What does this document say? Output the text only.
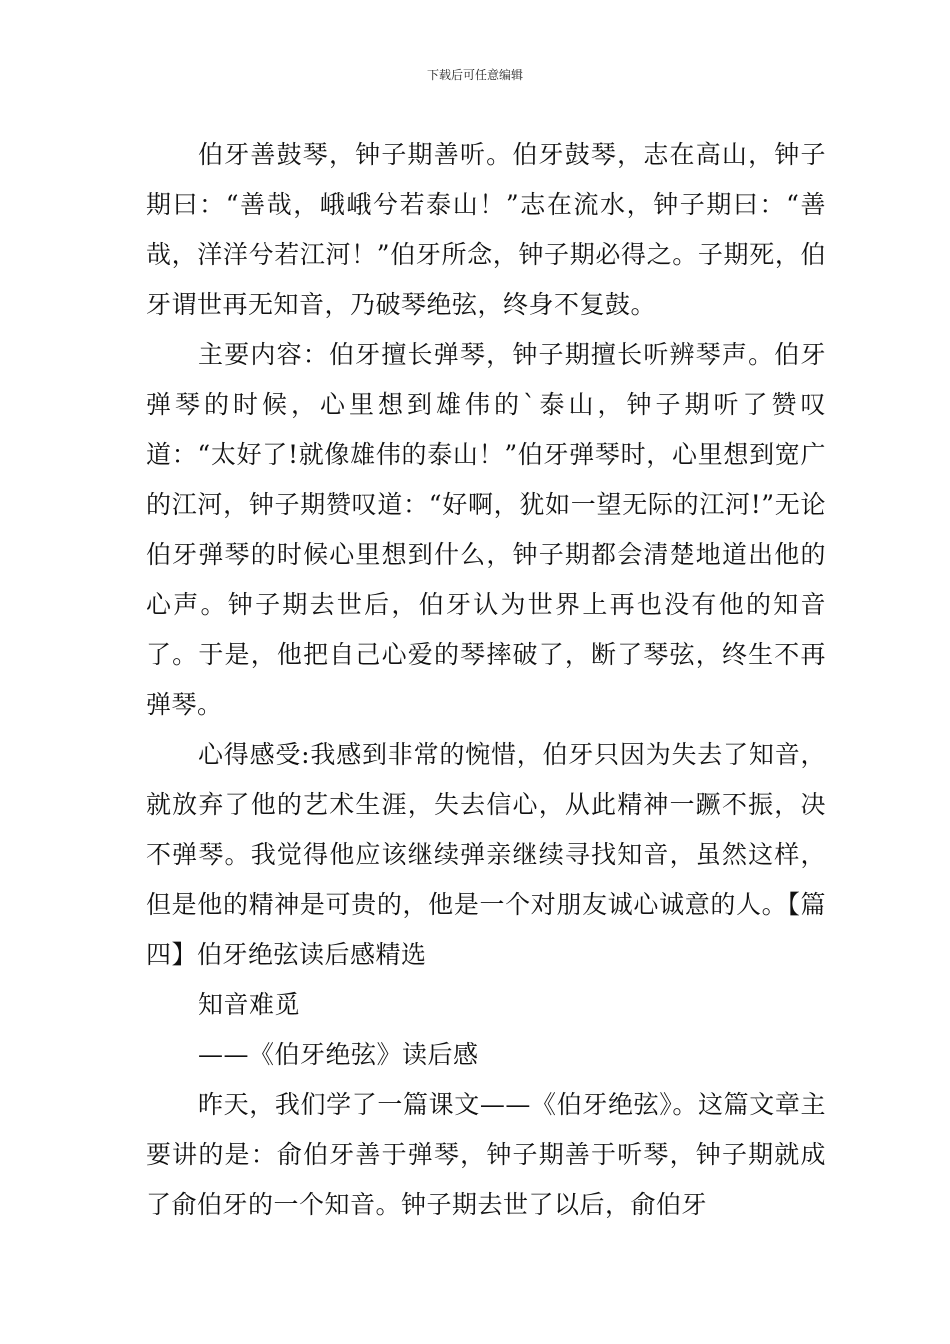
下载后可任意编辑

伯牙善鼓琴，钟子期善听。伯牙鼓琴，志在高山，钟子期曰：“善哉，峨峨兮若泰山！”志在流水，钟子期曰：“善哉，洋洋兮若江河！”伯牙所念，钟子期必得之。子期死，伯牙谓世再无知音，乃破琴绝弦，终身不复鼓。

主要内容：伯牙擅长弹琴，钟子期擅长听辨琴声。伯牙弹琴的时候，心里想到雄伟的`泰山，钟子期听了赞叹道：“太好了!就像雄伟的泰山！”伯牙弹琴时，心里想到宽广的江河，钟子期赞叹道：“好啊，犹如一望无际的江河!”无论伯牙弹琴的时候心里想到什么，钟子期都会清楚地道出他的心声。钟子期去世后，伯牙认为世界上再也没有他的知音了。于是，他把自己心爱的琴摔破了，断了琴弦，终生不再弹琴。

心得感受:我感到非常的惋惜，伯牙只因为失去了知音，就放弃了他的艺术生涯，失去信心，从此精神一蹶不振，决不弹琴。我觉得他应该继续弹亲继续寻找知音，虽然这样，但是他的精神是可贵的，他是一个对朋友诚心诚意的人。【篇四】伯牙绝弦读后感精选

知音难觅

——《伯牙绝弦》读后感

昨天，我们学了一篇课文——《伯牙绝弦》。这篇文章主要讲的是：俞伯牙善于弹琴，钟子期善于听琴，钟子期就成了俞伯牙的一个知音。钟子期去世了以后，俞伯牙
